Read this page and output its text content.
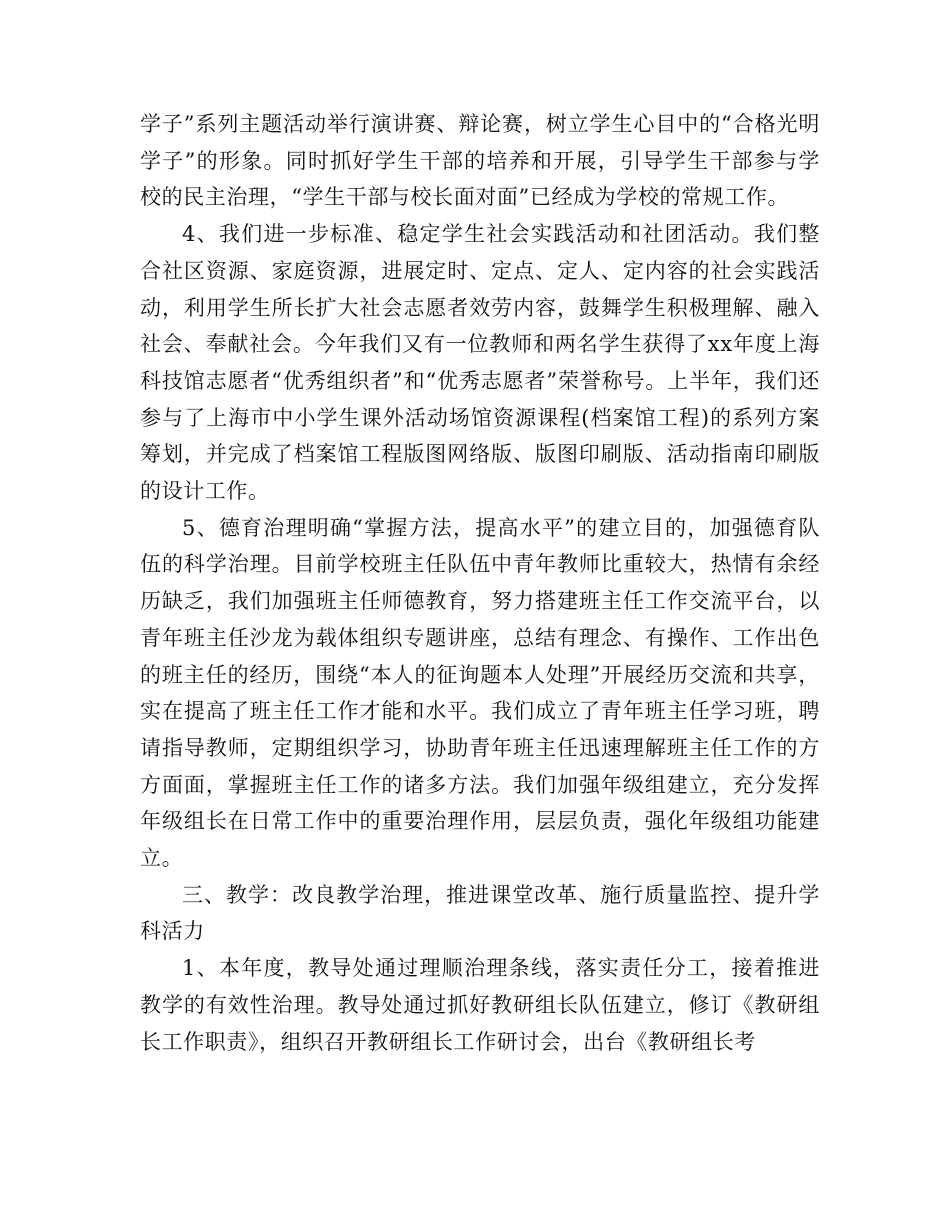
学子”系列主题活动举行演讲赛、辩论赛，树立学生心目中的“合格光明学子”的形象。同时抓好学生干部的培养和开展，引导学生干部参与学校的民主治理，“学生干部与校长面对面”已经成为学校的常规工作。

4、我们进一步标准、稳定学生社会实践活动和社团活动。我们整合社区资源、家庭资源，进展定时、定点、定人、定内容的社会实践活动，利用学生所长扩大社会志愿者效劳内容，鼓舞学生积极理解、融入社会、奉献社会。今年我们又有一位教师和两名学生获得了xx年度上海科技馆志愿者“优秀组织者”和“优秀志愿者”荣誉称号。上半年，我们还参与了上海市中小学生课外活动场馆资源课程(档案馆工程)的系列方案筹划，并完成了档案馆工程版图网络版、版图印刷版、活动指南印刷版的设计工作。

5、德育治理明确“掌握方法，提高水平”的建立目的，加强德育队伍的科学治理。目前学校班主任队伍中青年教师比重较大，热情有余经历缺乏，我们加强班主任师德教育，努力搭建班主任工作交流平台，以青年班主任沙龙为载体组织专题讲座，总结有理念、有操作、工作出色的班主任的经历，围绕“本人的征询题本人处理”开展经历交流和共享，实在提高了班主任工作才能和水平。我们成立了青年班主任学习班，聘请指导教师，定期组织学习，协助青年班主任迅速理解班主任工作的方方面面，掌握班主任工作的诸多方法。我们加强年级组建立，充分发挥年级组长在日常工作中的重要治理作用，层层负责，强化年级组功能建立。

三、教学：改良教学治理，推进课堂改革、施行质量监控、提升学科活力

1、本年度，教导处通过理顺治理条线，落实责任分工，接着推进教学的有效性治理。教导处通过抓好教研组长队伍建立，修订《教研组长工作职责》，组织召开教研组长工作研讨会，出台《教研组长考
